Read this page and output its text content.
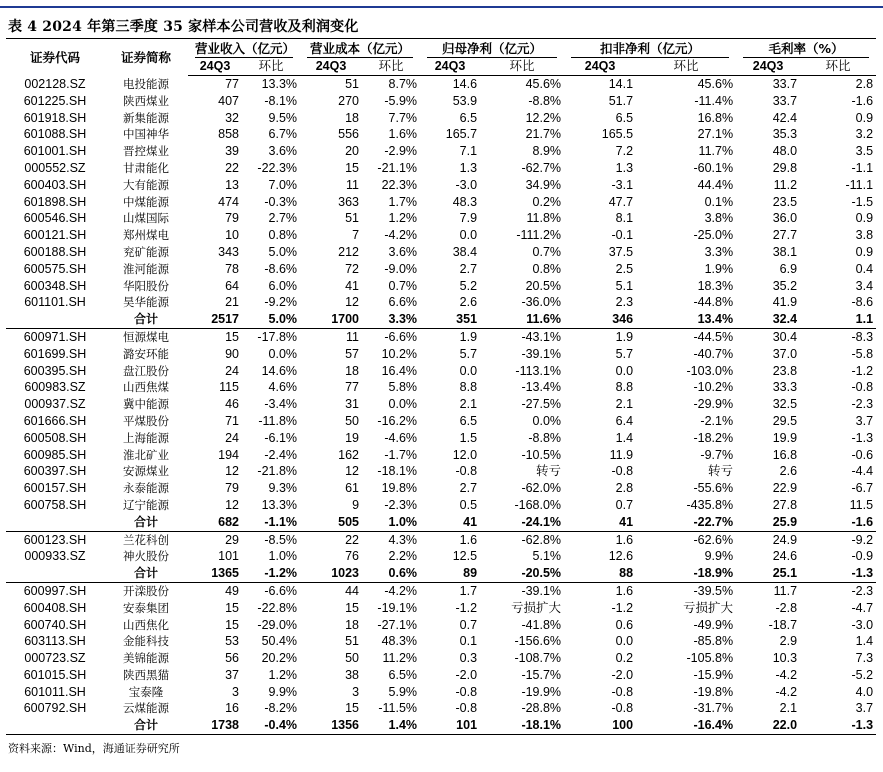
表 4 2024 年第三季度 35 家样本公司营收及利润变化
证券代码	证券简称	营业收入（亿元）		营业成本（亿元）		归母净利（亿元）		扣非净利（亿元）		毛利率（%）	

		24Q3	环比	24Q3	环比	24Q3	环比	24Q3	环比	24Q3	环比
002128.SZ	电投能源	77	13.3%	51	8.7%	14.6	45.6%	14.1	45.6%	33.7	2.8
601225.SH	陕西煤业	407	-8.1%	270	-5.9%	53.9	-8.8%	51.7	-11.4%	33.7	-1.6
601918.SH	新集能源	32	9.5%	18	7.7%	6.5	12.2%	6.5	16.8%	42.4	0.9
601088.SH	中国神华	858	6.7%	556	1.6%	165.7	21.7%	165.5	27.1%	35.3	3.2
601001.SH	晋控煤业	39	3.6%	20	-2.9%	7.1	8.9%	7.2	11.7%	48.0	3.5
000552.SZ	甘肃能化	22	-22.3%	15	-21.1%	1.3	-62.7%	1.3	-60.1%	29.8	-1.1
600403.SH	大有能源	13	7.0%	11	22.3%	-3.0	34.9%	-3.1	44.4%	11.2	-11.1
601898.SH	中煤能源	474	-0.3%	363	1.7%	48.3	0.2%	47.7	0.1%	23.5	-1.5
600546.SH	山煤国际	79	2.7%	51	1.2%	7.9	11.8%	8.1	3.8%	36.0	0.9
600121.SH	郑州煤电	10	0.8%	7	-4.2%	0.0	-111.2%	-0.1	-25.0%	27.7	3.8
600188.SH	兖矿能源	343	5.0%	212	3.6%	38.4	0.7%	37.5	3.3%	38.1	0.9
600575.SH	淮河能源	78	-8.6%	72	-9.0%	2.7	0.8%	2.5	1.9%	6.9	0.4
600348.SH	华阳股份	64	6.0%	41	0.7%	5.2	20.5%	5.1	18.3%	35.2	3.4
601101.SH	昊华能源	21	-9.2%	12	6.6%	2.6	-36.0%	2.3	-44.8%	41.9	-8.6
	合计	2517	5.0%	1700	3.3%	351	11.6%	346	13.4%	32.4	1.1
600971.SH	恒源煤电	15	-17.8%	11	-6.6%	1.9	-43.1%	1.9	-44.5%	30.4	-8.3
601699.SH	潞安环能	90	0.0%	57	10.2%	5.7	-39.1%	5.7	-40.7%	37.0	-5.8
600395.SH	盘江股份	24	14.6%	18	16.4%	0.0	-113.1%	0.0	-103.0%	23.8	-1.2
600983.SZ	山西焦煤	115	4.6%	77	5.8%	8.8	-13.4%	8.8	-10.2%	33.3	-0.8
000937.SZ	冀中能源	46	-3.4%	31	0.0%	2.1	-27.5%	2.1	-29.9%	32.5	-2.3
601666.SH	平煤股份	71	-11.8%	50	-16.2%	6.5	0.0%	6.4	-2.1%	29.5	3.7
600508.SH	上海能源	24	-6.1%	19	-4.6%	1.5	-8.8%	1.4	-18.2%	19.9	-1.3
600985.SH	淮北矿业	194	-2.4%	162	-1.7%	12.0	-10.5%	11.9	-9.7%	16.8	-0.6
600397.SH	安源煤业	12	-21.8%	12	-18.1%	-0.8	转亏	-0.8	转亏	2.6	-4.4
600157.SH	永泰能源	79	9.3%	61	19.8%	2.7	-62.0%	2.8	-55.6%	22.9	-6.7
600758.SH	辽宁能源	12	13.3%	9	-2.3%	0.5	-168.0%	0.7	-435.8%	27.8	11.5
	合计	682	-1.1%	505	1.0%	41	-24.1%	41	-22.7%	25.9	-1.6
600123.SH	兰花科创	29	-8.5%	22	4.3%	1.6	-62.8%	1.6	-62.6%	24.9	-9.2
000933.SZ	神火股份	101	1.0%	76	2.2%	12.5	5.1%	12.6	9.9%	24.6	-0.9
	合计	1365	-1.2%	1023	0.6%	89	-20.5%	88	-18.9%	25.1	-1.3
600997.SH	开滦股份	49	-6.6%	44	-4.2%	1.7	-39.1%	1.6	-39.5%	11.7	-2.3
600408.SH	安泰集团	15	-22.8%	15	-19.1%	-1.2	亏损扩大	-1.2	亏损扩大	-2.8	-4.7
600740.SH	山西焦化	15	-29.0%	18	-27.1%	0.7	-41.8%	0.6	-49.9%	-18.7	-3.0
603113.SH	金能科技	53	50.4%	51	48.3%	0.1	-156.6%	0.0	-85.8%	2.9	1.4
000723.SZ	美锦能源	56	20.2%	50	11.2%	0.3	-108.7%	0.2	-105.8%	10.3	7.3
601015.SH	陕西黑猫	37	1.2%	38	6.5%	-2.0	-15.7%	-2.0	-15.9%	-4.2	-5.2
601011.SH	宝泰隆	3	9.9%	3	5.9%	-0.8	-19.9%	-0.8	-19.8%	-4.2	4.0
600792.SH	云煤能源	16	-8.2%	15	-11.5%	-0.8	-28.8%	-0.8	-31.7%	2.1	3.7
	合计	1738	-0.4%	1356	1.4%	101	-18.1%	100	-16.4%	22.0	-1.3
资料来源：Wind，海通证券研究所
